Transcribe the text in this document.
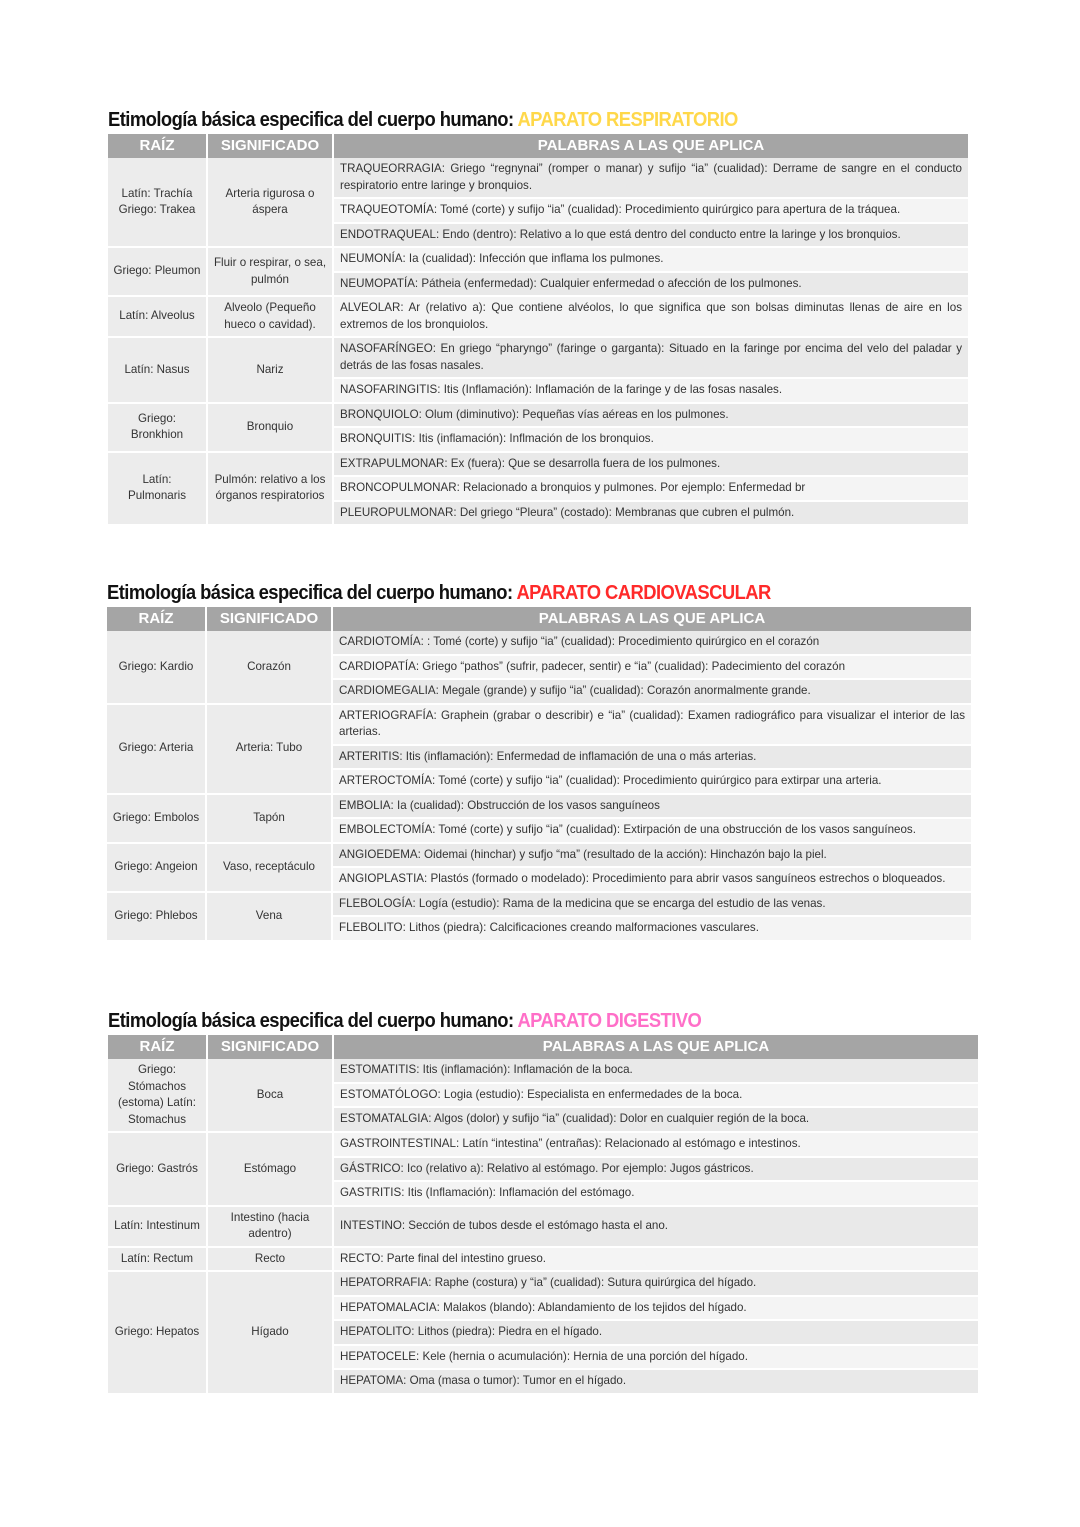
Etimología básica especifica del cuerpo humano: APARATO RESPIRATORIO
RAÍZ	SIGNIFICADO	PALABRAS A LAS QUE APLICA
Latín: Trachía Griego: Trakea	Arteria rigurosa o áspera	TRAQUEORRAGIA: Griego “regnynai” (romper o manar) y sufijo “ia” (cualidad): Derrame de sangre en el conducto respiratorio entre laringe y bronquios.
		TRAQUEOTOMÍA: Tomé (corte) y sufijo “ia” (cualidad): Procedimiento quirúrgico para apertura de la tráquea.
		ENDOTRAQUEAL: Endo (dentro): Relativo a lo que está dentro del conducto entre la laringe y los bronquios.
Griego: Pleumon	Fluir o respirar, o sea, pulmón	NEUMONÍA: Ia (cualidad): Infección que inflama los pulmones.
		NEUMOPATÍA: Pátheia (enfermedad): Cualquier enfermedad o afección de los pulmones.
Latín: Alveolus	Alveolo (Pequeño hueco o cavidad).	ALVEOLAR: Ar (relativo a): Que contiene alvéolos, lo que significa que son bolsas diminutas llenas de aire en los extremos de los bronquiolos.
Latín: Nasus	Nariz	NASOFARÍNGEO: En griego “pharyngo” (faringe o garganta): Situado en la faringe por encima del velo del paladar y detrás de las fosas nasales.
		NASOFARINGITIS: Itis (Inflamación): Inflamación de la faringe y de las fosas nasales.
Griego: Bronkhion	Bronquio	BRONQUIOLO: Olum (diminutivo): Pequeñas vías aéreas en los pulmones.
		BRONQUITIS: Itis (inflamación): Inflmación de los bronquios.
Latín: Pulmonaris	Pulmón: relativo a los órganos respiratorios	EXTRAPULMONAR: Ex (fuera): Que se desarrolla fuera de los pulmones.
		BRONCOPULMONAR: Relacionado a bronquios y pulmones. Por ejemplo: Enfermedad br
		PLEUROPULMONAR: Del griego “Pleura” (costado): Membranas que cubren el pulmón.
Etimología básica especifica del cuerpo humano: APARATO CARDIOVASCULAR
RAÍZ	SIGNIFICADO	PALABRAS A LAS QUE APLICA
Griego: Kardio	Corazón	CARDIOTOMÍA: : Tomé (corte) y sufijo “ia” (cualidad): Procedimiento quirúrgico en el corazón
		CARDIOPATÍA: Griego “pathos” (sufrir, padecer, sentir) e “ia” (cualidad): Padecimiento del corazón
		CARDIOMEGALIA: Megale (grande) y sufijo “ia” (cualidad): Corazón anormalmente grande.
Griego: Arteria	Arteria: Tubo	ARTERIOGRAFÍA: Graphein (grabar o describir) e “ia” (cualidad): Examen radiográfico para visualizar el interior de las arterias.
		ARTERITIS: Itis (inflamación): Enfermedad de inflamación de una o más arterias.
		ARTEROCTOMÍA: Tomé (corte) y sufijo “ia” (cualidad): Procedimiento quirúrgico para extirpar una arteria.
Griego: Embolos	Tapón	EMBOLIA: Ia (cualidad): Obstrucción de los vasos sanguíneos
		EMBOLECTOMÍA: Tomé (corte) y sufijo “ia” (cualidad): Extirpación de una obstrucción de los vasos sanguíneos.
Griego: Angeion	Vaso, receptáculo	ANGIOEDEMA: Oidemai (hinchar) y sufjo “ma” (resultado de la acción): Hinchazón bajo la piel.
		ANGIOPLASTIA: Plastós (formado o modelado): Procedimiento para abrir vasos sanguíneos estrechos o bloqueados.
Griego: Phlebos	Vena	FLEBOLOGÍA: Logía (estudio): Rama de la medicina que se encarga del estudio de las venas.
		FLEBOLITO: Lithos (piedra): Calcificaciones creando malformaciones vasculares.
Etimología básica especifica del cuerpo humano: APARATO DIGESTIVO
RAÍZ	SIGNIFICADO	PALABRAS A LAS QUE APLICA
Griego: Stómachos (estoma) Latín: Stomachus	Boca	ESTOMATITIS: Itis (inflamación): Inflamación de la boca.
		ESTOMATÓLOGO: Logia (estudio): Especialista en enfermedades de la boca.
		ESTOMATALGIA: Algos (dolor) y sufijo “ia” (cualidad): Dolor en cualquier región de la boca.
Griego: Gastrós	Estómago	GASTROINTESTINAL: Latín “intestina” (entrañas): Relacionado al estómago e intestinos.
		GÁSTRICO: Ico (relativo a): Relativo al estómago. Por ejemplo: Jugos gástricos.
		GASTRITIS: Itis (Inflamación): Inflamación del estómago.
Latín: Intestinum	Intestino (hacia adentro)	INTESTINO: Sección de tubos desde el estómago hasta el ano.
Latín: Rectum	Recto	RECTO: Parte final del intestino grueso.
Griego: Hepatos	Hígado	HEPATORRAFIA: Raphe (costura) y “ia” (cualidad): Sutura quirúrgica del hígado.
		HEPATOMALACIA: Malakos (blando): Ablandamiento de los tejidos del hígado.
		HEPATOLITO: Lithos (piedra): Piedra en el hígado.
		HEPATOCELE: Kele (hernia o acumulación): Hernia de una porción del hígado.
		HEPATOMA: Oma (masa o tumor): Tumor en el hígado.
